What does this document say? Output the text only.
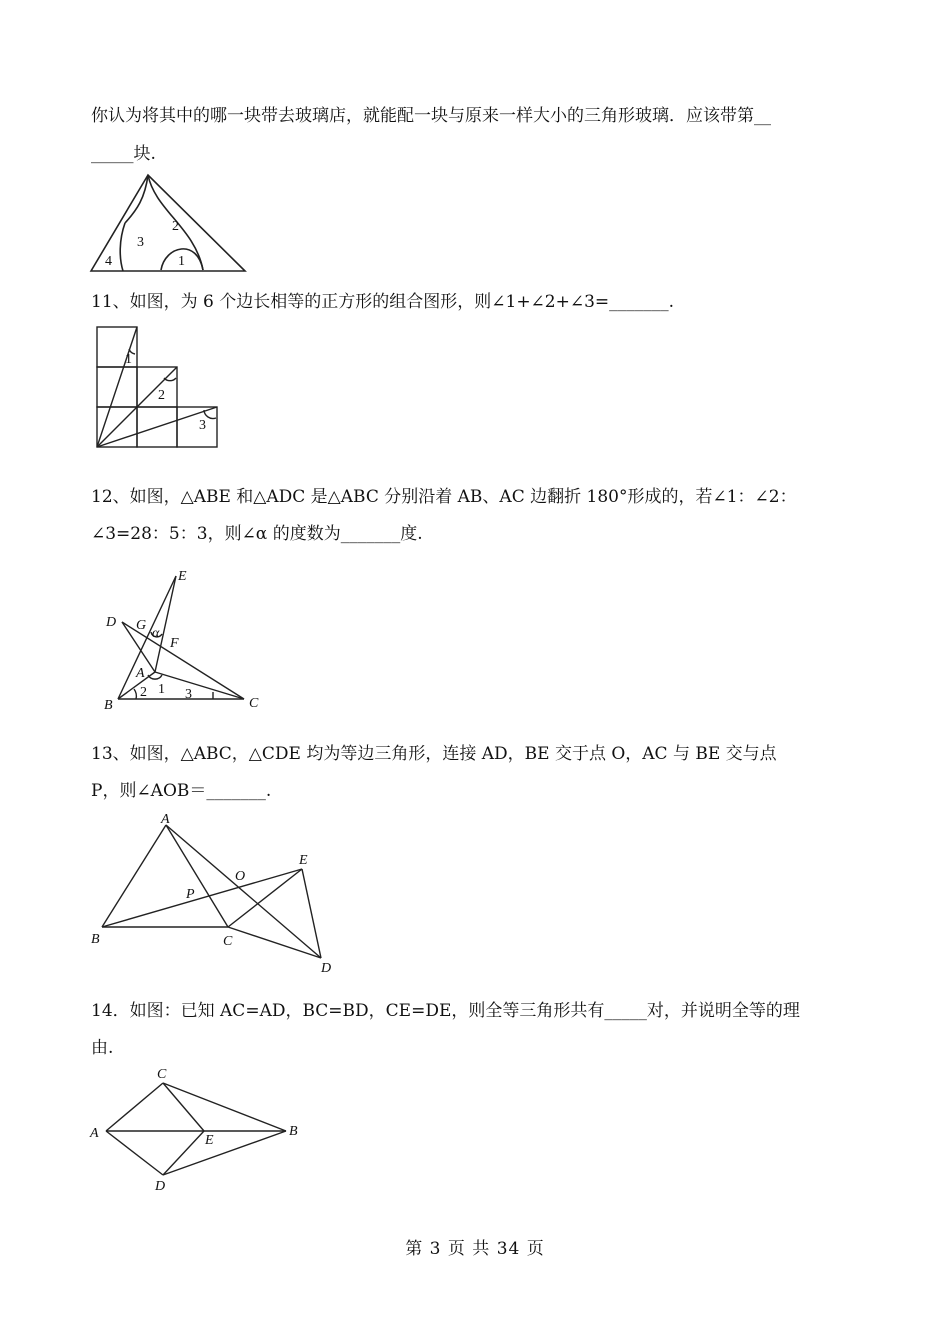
你认为将其中的哪一块带去玻璃店，就能配一块与原来一样大小的三角形玻璃．应该带第__
_____块.
4
3
2
1
11、如图，为 6 个边长相等的正方形的组合图形，则∠1+∠2+∠3=_______.
1
2
3
12、如图，△ABE 和△ADC 是△ABC 分别沿着 AB、AC 边翻折 180°形成的，若∠1：∠2：
∠3=28：5：3，则∠α 的度数为_______度.
E
D G
α
F
A
B
2 1 3
C
13、如图，△ABC，△CDE 均为等边三角形，连接 AD，BE 交于点 O，AC 与 BE 交与点
P，则∠AOB＝_______.
A
E
O
P
B	C
D
14．如图：已知 AC=AD，BC=BD，CE=DE，则全等三角形共有_____对，并说明全等的理
由.
C
A	E
B
D
第 3 页 共 34 页
